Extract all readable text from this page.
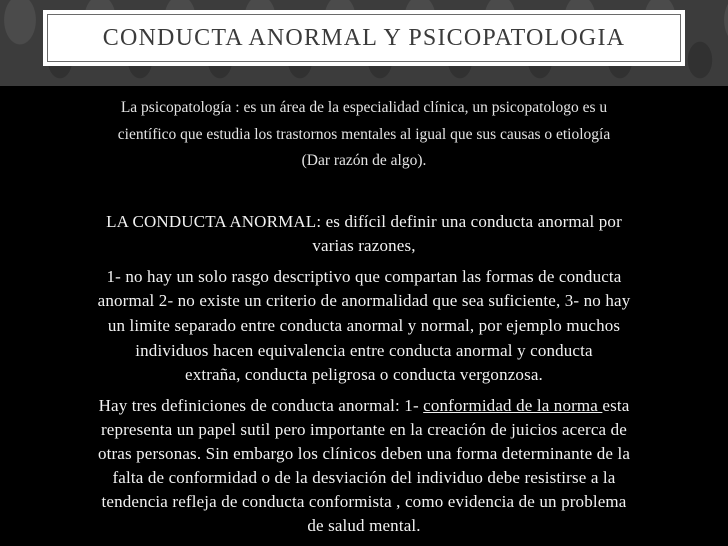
CONDUCTA ANORMAL Y PSICOPATOLOGIA
La psicopatología : es un área de la especialidad clínica, un psicopatologo es u
científico que estudia los trastornos mentales al igual que sus causas o etiología
(Dar razón de algo).
LA CONDUCTA ANORMAL: es difícil definir una conducta anormal por
varias razones,
1- no hay un solo rasgo descriptivo que compartan las formas de conducta
anormal 2- no existe un criterio de anormalidad que sea suficiente, 3- no hay
un limite separado entre conducta anormal y normal, por ejemplo muchos
individuos hacen equivalencia entre conducta anormal y conducta
extraña, conducta peligrosa o conducta vergonzosa.
Hay tres definiciones de conducta anormal: 1- conformidad de la norma esta
representa un papel sutil pero importante en la creación de juicios acerca de
otras personas. Sin embargo los clínicos deben una forma determinante de la
falta de conformidad o de la desviación del individuo debe resistirse a la
tendencia refleja de conducta conformista , como evidencia de un problema
de salud mental.
